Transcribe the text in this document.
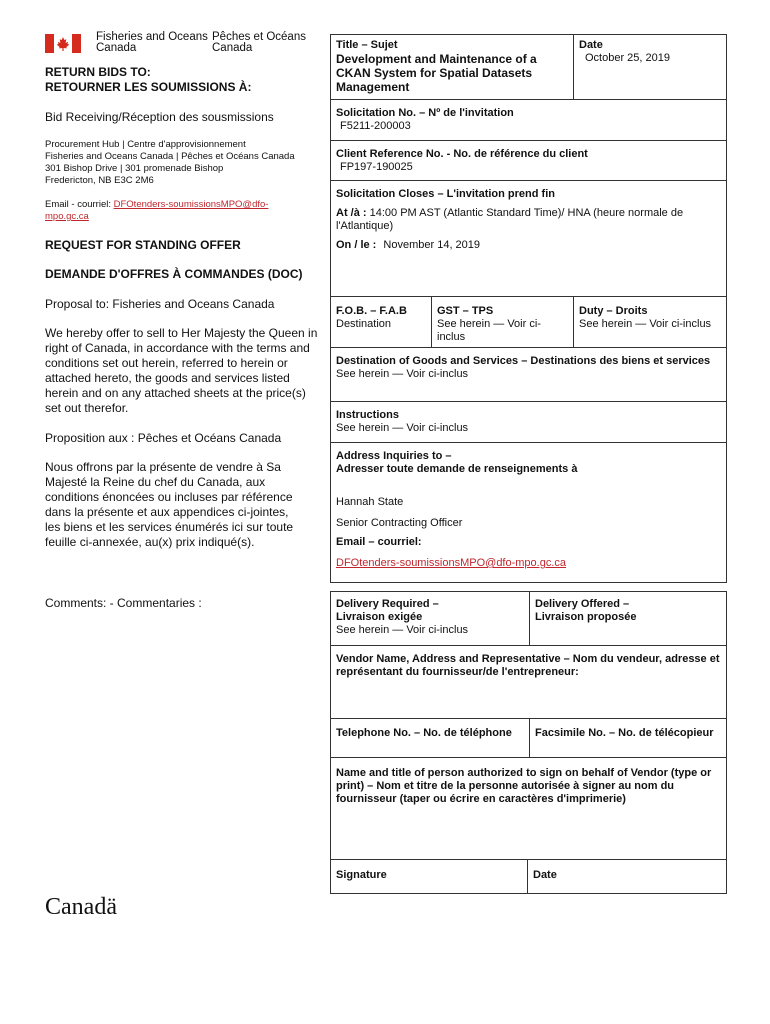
Fisheries and Oceans
Canada
Pêches et Océans
Canada
RETURN BIDS TO:
RETOURNER LES SOUMISSIONS À:
Bid Receiving/Réception des sousmissions
Procurement Hub | Centre d'approvisionnement
Fisheries and Oceans Canada | Pêches et Océans Canada
301 Bishop Drive | 301 promenade Bishop
Fredericton, NB E3C 2M6
Email - courriel: DFOtenders-soumissionsMPO@dfo-
mpo.gc.ca
REQUEST FOR STANDING OFFER
DEMANDE D'OFFRES À COMMANDES (DOC)
Proposal to: Fisheries and Oceans Canada
We hereby offer to sell to Her Majesty the Queen in right of Canada, in accordance with the terms and conditions set out herein, referred to herein or attached hereto, the goods and services listed herein and on any attached sheets at the price(s) set out therefor.
Proposition aux : Pêches et Océans Canada
Nous offrons par la présente de vendre à Sa Majesté la Reine du chef du Canada, aux conditions énoncées ou incluses par référence dans la présente et aux appendices ci-jointes, les biens et les services énumérés ici sur toute feuille ci-annexée, au(x) prix indiqué(s).
Comments: - Commentaries :
Canadä
Title – Sujet
Development and Maintenance of a CKAN System for Spatial Datasets Management
Date
October 25, 2019
Solicitation No. – Nº de l'invitation
F5211-200003
Client Reference No. - No. de référence du client
FP197-190025
Solicitation Closes – L'invitation prend fin
At /à : 14:00 PM AST (Atlantic Standard Time)/ HNA (heure normale de l'Atlantique)
On / le : November 14, 2019
F.O.B. – F.A.B
Destination
GST – TPS
See herein — Voir ci-inclus
Duty – Droits
See herein — Voir ci-inclus
Destination of Goods and Services – Destinations des biens et services
See herein — Voir ci-inclus
Instructions
See herein — Voir ci-inclus
Address Inquiries to –
Adresser toute demande de renseignements à
Hannah State
Senior Contracting Officer
Email – courriel:
DFOtenders-soumissionsMPO@dfo-mpo.gc.ca
Delivery Required –
Livraison exigée
See herein — Voir ci-inclus
Delivery Offered –
Livraison proposée
Vendor Name, Address and Representative – Nom du vendeur, adresse et représentant du fournisseur/de l'entrepreneur:
Telephone No. – No. de téléphone	Facsimile No. – No. de télécopieur
Name and title of person authorized to sign on behalf of Vendor (type or print) – Nom et titre de la personne autorisée à signer au nom du fournisseur (taper ou écrire en caractères d'imprimerie)
Signature	Date
